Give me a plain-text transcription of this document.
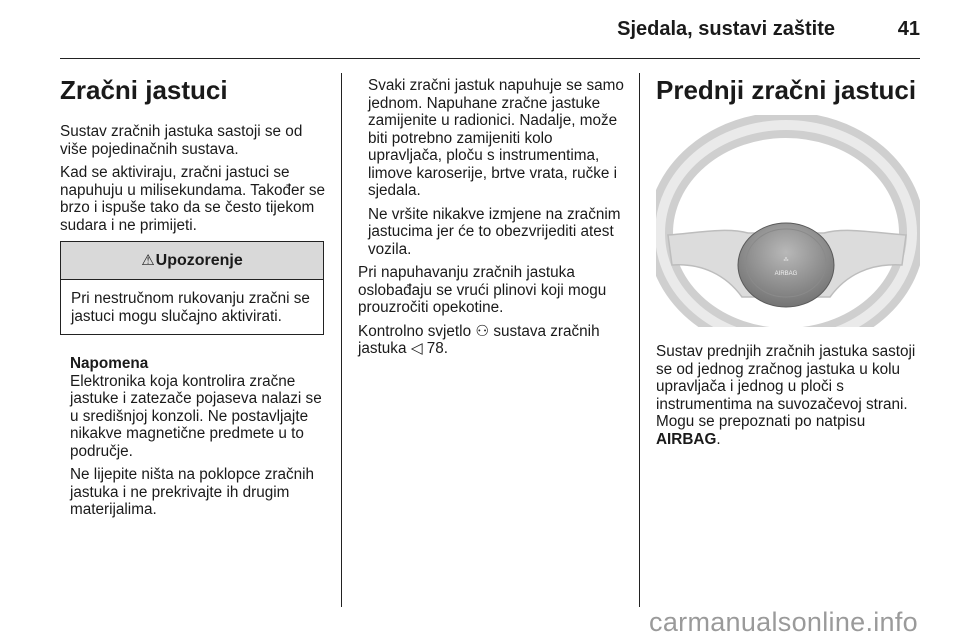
Sjedala, sustavi zaštite	41
Zračni jastuci

Sustav zračnih jastuka sastoji se od više pojedinačnih sustava.

Kad se aktiviraju, zračni jastuci se napuhuju u milisekundama. Također se brzo i ispuše tako da se često tijekom sudara i ne primijeti.

⚠Upozorenje
Pri nestručnom rukovanju zračni se jastuci mogu slučajno aktivirati.
Napomena

Elektronika koja kontrolira zračne jastuke i zatezače pojaseva nalazi se u središnjoj konzoli. Ne postavljajte nikakve magnetične predmete u to područje.

Ne lijepite ništa na poklopce zračnih jastuka i ne prekrivajte ih drugim materijalima.

Svaki zračni jastuk napuhuje se samo jednom. Napuhane zračne jastuke zamijenite u radionici. Nadalje, može biti potrebno zamijeniti kolo upravljača, ploču s instrumentima, limove karoserije, brtve vrata, ručke i sjedala.

Ne vršite nikakve izmjene na zračnim jastucima jer će to obezvrijediti atest vozila.

Pri napuhavanju zračnih jastuka oslobađaju se vrući plinovi koji mogu prouzročiti opekotine.

Kontrolno svjetlo ⚇ sustava zračnih jastuka ◁ 78.

Prednji zračni jastuci
⁂
AIRBAG

Sustav prednjih zračnih jastuka sastoji se od jednog zračnog jastuka u kolu upravljača i jednog u ploči s instrumentima na suvozačevoj strani. Mogu se prepoznati po natpisu AIRBAG.

carmanualsonline.info
